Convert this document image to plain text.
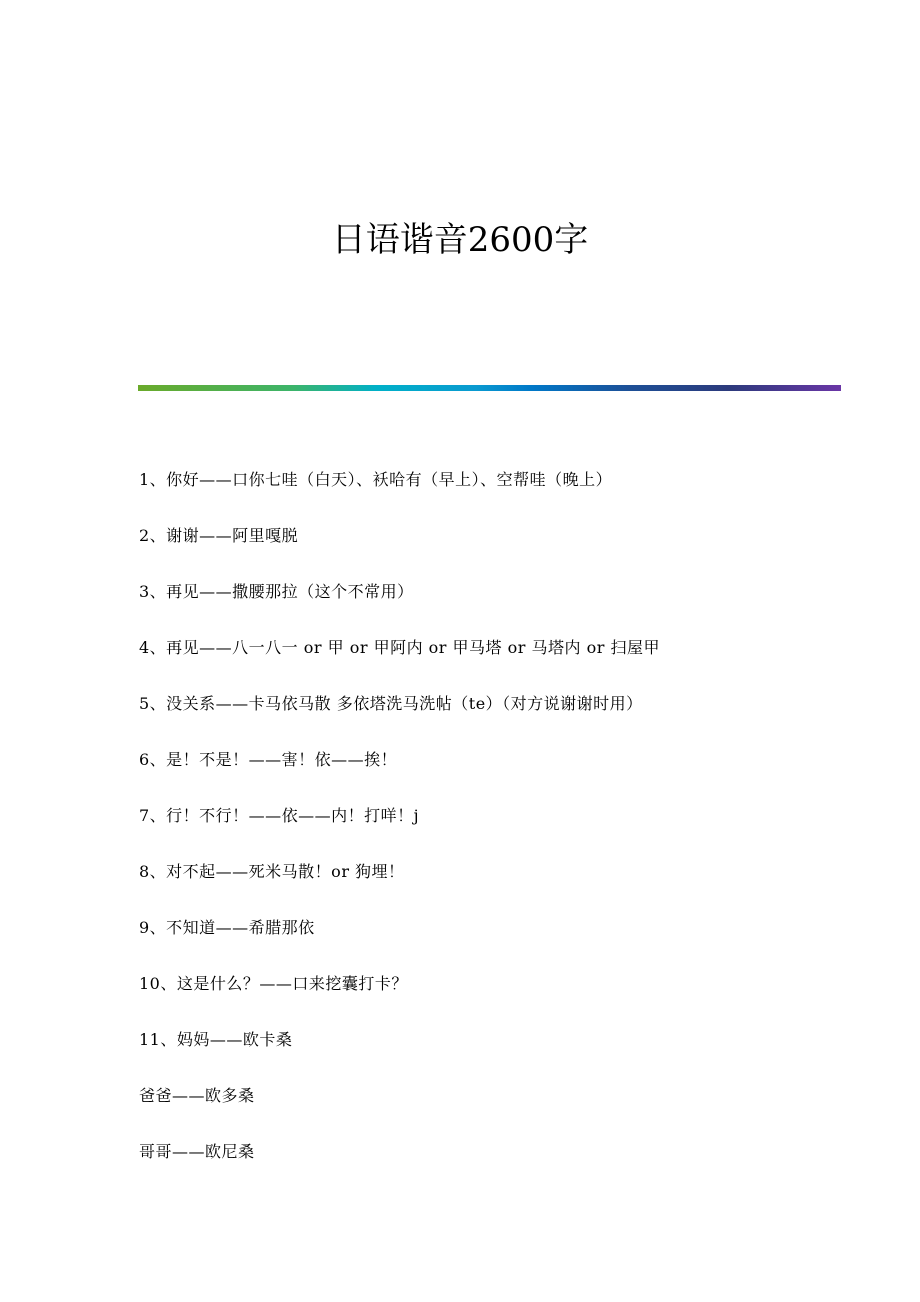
日语谐音2600字
1、你好——口你七哇（白天）、袄哈有（早上）、空帮哇（晚上）
2、谢谢——阿里嘎脱
3、再见——撒腰那拉（这个不常用）
4、再见——八一八一 or 甲 or 甲阿内 or 甲马塔 or 马塔内 or 扫屋甲
5、没关系——卡马依马散 多依塔洗马洗帖（te）（对方说谢谢时用）
6、是！不是！——害！依——挨！
7、行！不行！——依——内！打咩！j
8、对不起——死米马散！or 狗埋！
9、不知道——希腊那依
10、这是什么？——口来挖囊打卡？
11、妈妈——欧卡桑
爸爸——欧多桑
哥哥——欧尼桑
